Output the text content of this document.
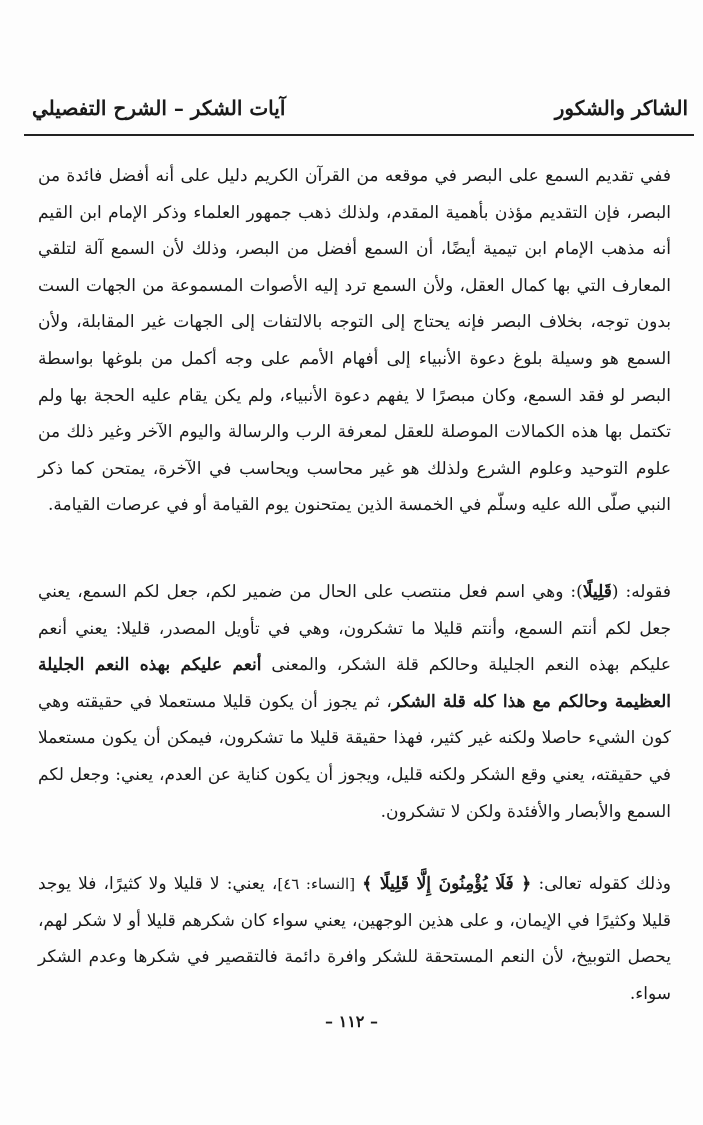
الشاكر والشكور
آيات الشكر – الشرح التفصيلي
ففي تقديم السمع على البصر في موقعه من القرآن الكريم دليل على أنه أفضل فائدة من البصر، فإن التقديم مؤذن بأهمية المقدم، ولذلك ذهب جمهور العلماء وذكر الإمام ابن القيم أنه مذهب الإمام ابن تيمية أيضًا، أن السمع أفضل من البصر، وذلك لأن السمع آلة لتلقي المعارف التي بها كمال العقل، ولأن السمع ترد إليه الأصوات المسموعة من الجهات الست بدون توجه، بخلاف البصر فإنه يحتاج إلى التوجه بالالتفات إلى الجهات غير المقابلة، ولأن السمع هو وسيلة بلوغ دعوة الأنبياء إلى أفهام الأمم على وجه أكمل من بلوغها بواسطة البصر لو فقد السمع، وكان مبصرًا لا يفهم دعوة الأنبياء، ولم يكن يقام عليه الحجة بها ولم تكتمل بها هذه الكمالات الموصلة للعقل لمعرفة الرب والرسالة واليوم الآخر وغير ذلك من علوم التوحيد وعلوم الشرع ولذلك هو غير محاسب ويحاسب في الآخرة، يمتحن كما ذكر النبي صلّى الله عليه وسلّم في الخمسة الذين يمتحنون يوم القيامة أو في عرصات القيامة.
فقوله: (قَلِيلًا): وهي اسم فعل منتصب على الحال من ضمير لكم، جعل لكم السمع، يعني جعل لكم أنتم السمع، وأنتم قليلا ما تشكرون، وهي في تأويل المصدر، قليلا: يعني أنعم عليكم بهذه النعم الجليلة وحالكم قلة الشكر، والمعنى أنعم عليكم بهذه النعم الجليلة العظيمة وحالكم مع هذا كله قلة الشكر، ثم يجوز أن يكون قليلا مستعملا في حقيقته وهي كون الشيء حاصلا ولكنه غير كثير، فهذا حقيقة قليلا ما تشكرون، فيمكن أن يكون مستعملا في حقيقته، يعني وقع الشكر ولكنه قليل، ويجوز أن يكون كناية عن العدم، يعني: وجعل لكم السمع والأبصار والأفئدة ولكن لا تشكرون.
وذلك كقوله تعالى: ﴿ فَلَا يُؤْمِنُونَ إِلَّا قَلِيلًا ﴾ [النساء: ٤٦]، يعني: لا قليلا ولا كثيرًا، فلا يوجد قليلا وكثيرًا في الإيمان، و على هذين الوجهين، يعني سواء كان شكرهم قليلا أو لا شكر لهم، يحصل التوبيخ، لأن النعم المستحقة للشكر وافرة دائمة فالتقصير في شكرها وعدم الشكر سواء.
– ١١٢ –
